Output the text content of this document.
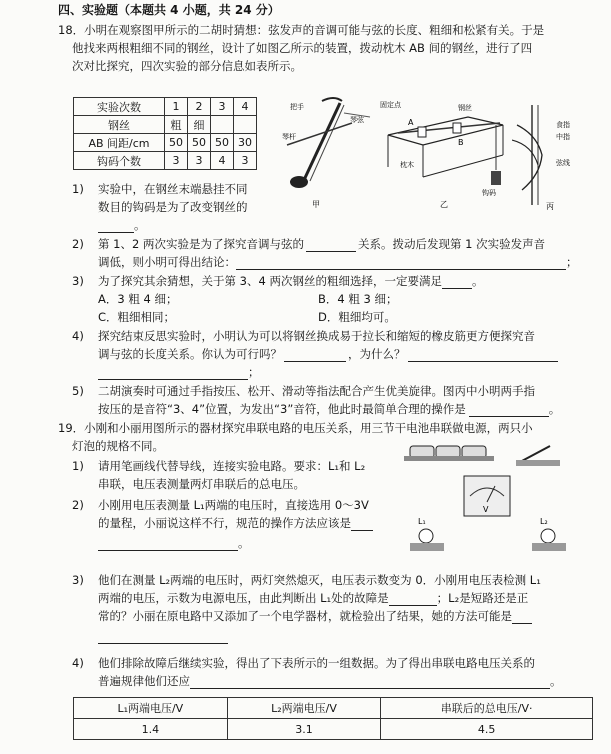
四、实验题（本题共 4 小题，共 24 分）
18．小明在观察图甲所示的二胡时猜想：弦发声的音调可能与弦的长度、粗细和松紧有关。于是
他找来两根粗细不同的钢丝，设计了如图乙所示的装置，拨动枕木 AB 间的钢丝，进行了四
次对比探究，四次实验的部分信息如表所示。
实验次数	1	2	3	4
钢丝	粗	细		
AB 间距/cm	50	50	50	30
钩码个数	3	3	4	3
把手
琴弦
琴杆
甲
固定点	钢丝
A
B
枕木
钩码
乙
食指
中指
弦线
丙
1) 实验中，在钢丝末端悬挂不同
数目的钩码是为了改变钢丝的
。
2) 第 1、2 两次实验是为了探究音调与弦的	关系。拨动后发现第 1 次实验发声音
调低，则小明可得出结论：	；
3) 为了探究其余猜想，关于第 3、4 两次钢丝的粗细选择，一定要满足	。
A．3 粗 4 细；	B．4 粗 3 细；
C．粗细相同；	D．粗细均可。
4) 探究结束反思实验时，小明认为可以将钢丝换成易于拉长和缩短的橡皮筋更方便探究音
调与弦的长度关系。你认为可行吗？	，为什么？
；
5) 二胡演奏时可通过手指按压、松开、滑动等指法配合产生优美旋律。图丙中小明两手指
按压的是音符“3、4”位置，为发出“3”音符，他此时最简单合理的操作是	。
19．小刚和小丽用图所示的器材探究串联电路的电压关系，用三节干电池串联做电源，两只小
灯泡的规格不同。
V
L₁	L₂
1) 请用笔画线代替导线，连接实验电路。要求：L₁和 L₂
串联，电压表测量两灯串联后的总电压。
2) 小刚用电压表测量 L₁两端的电压时，直接选用 0～3V
的量程，小丽说这样不行，规范的操作方法应该是
。
3) 他们在测量 L₂两端的电压时，两灯突然熄灭，电压表示数变为 0．小刚用电压表检测 L₁
两端的电压，示数为电源电压，由此判断出 L₁处的故障是	；L₂是短路还是正
常的？小丽在原电路中又添加了一个电学器材，就检验出了结果，她的方法可能是
4) 他们排除故障后继续实验，得出了下表所示的一组数据。为了得出串联电路电压关系的
普遍规律他们还应	。
L₁两端电压/V	L₂两端电压/V	串联后的总电压/V·
1.4	3.1	4.5
